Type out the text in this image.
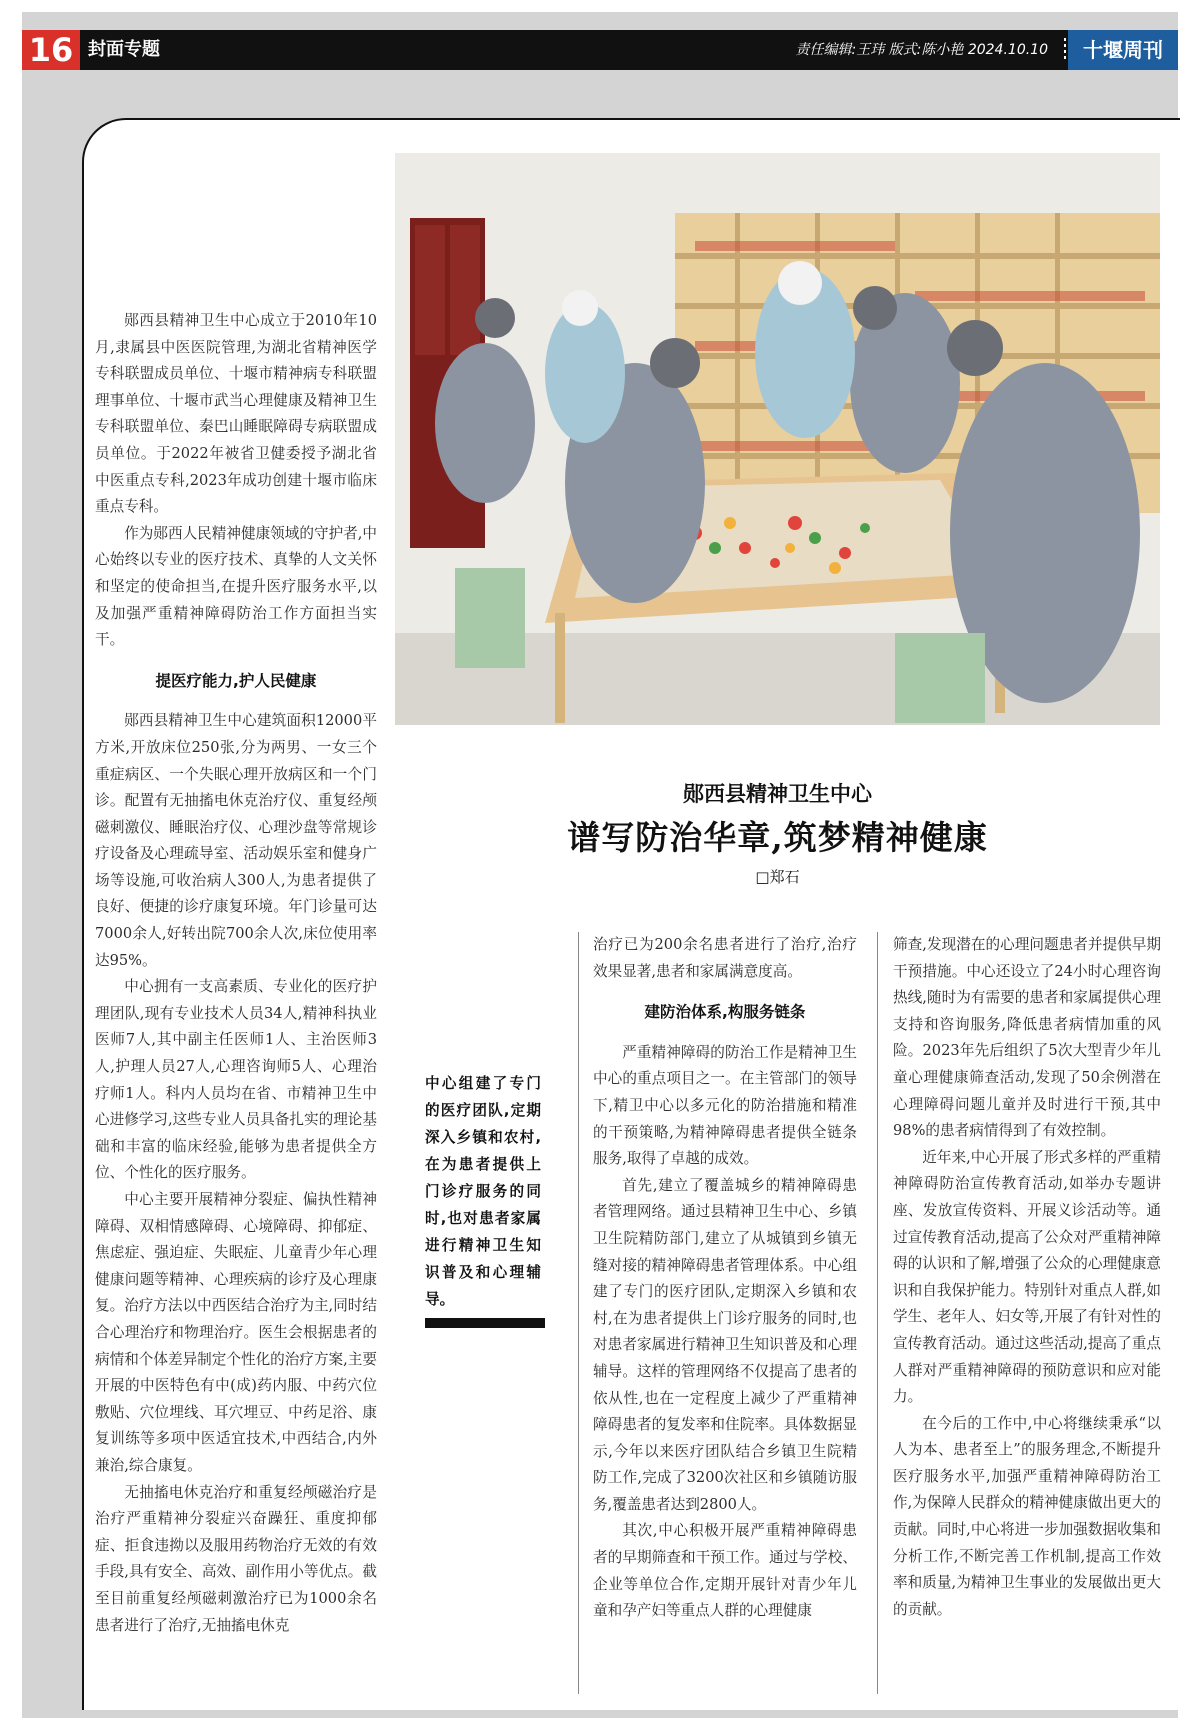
16 封面专题	责任编辑:王玮 版式:陈小艳 2024.10.10	十堰周刊

郧西县精神卫生中心成立于2010年10月,隶属县中医医院管理,为湖北省精神医学专科联盟成员单位、十堰市精神病专科联盟理事单位、十堰市武当心理健康及精神卫生专科联盟单位、秦巴山睡眠障碍专病联盟成员单位。于2022年被省卫健委授予湖北省中医重点专科,2023年成功创建十堰市临床重点专科。

作为郧西人民精神健康领域的守护者,中心始终以专业的医疗技术、真挚的人文关怀和坚定的使命担当,在提升医疗服务水平,以及加强严重精神障碍防治工作方面担当实干。

提医疗能力,护人民健康

郧西县精神卫生中心建筑面积12000平方米,开放床位250张,分为两男、一女三个重症病区、一个失眠心理开放病区和一个门诊。配置有无抽搐电休克治疗仪、重复经颅磁刺激仪、睡眠治疗仪、心理沙盘等常规诊疗设备及心理疏导室、活动娱乐室和健身广场等设施,可收治病人300人,为患者提供了良好、便捷的诊疗康复环境。年门诊量可达7000余人,好转出院700余人次,床位使用率达95%。

中心拥有一支高素质、专业化的医疗护理团队,现有专业技术人员34人,精神科执业医师7人,其中副主任医师1人、主治医师3人,护理人员27人,心理咨询师5人、心理治疗师1人。科内人员均在省、市精神卫生中心进修学习,这些专业人员具备扎实的理论基础和丰富的临床经验,能够为患者提供全方位、个性化的医疗服务。

中心主要开展精神分裂症、偏执性精神障碍、双相情感障碍、心境障碍、抑郁症、焦虑症、强迫症、失眠症、儿童青少年心理健康问题等精神、心理疾病的诊疗及心理康复。治疗方法以中西医结合治疗为主,同时结合心理治疗和物理治疗。医生会根据患者的病情和个体差异制定个性化的治疗方案,主要开展的中医特色有中(成)药内服、中药穴位敷贴、穴位埋线、耳穴埋豆、中药足浴、康复训练等多项中医适宜技术,中西结合,内外兼治,综合康复。

无抽搐电休克治疗和重复经颅磁治疗是治疗严重精神分裂症兴奋躁狂、重度抑郁症、拒食违拗以及服用药物治疗无效的有效手段,具有安全、高效、副作用小等优点。截至目前重复经颅磁刺激治疗已为1000余名患者进行了治疗,无抽搐电休克

郧西县精神卫生中心
谱写防治华章,筑梦精神健康
□郑石
中心组建了专门的医疗团队,定期深入乡镇和农村,在为患者提供上门诊疗服务的同时,也对患者家属进行精神卫生知识普及和心理辅导。

治疗已为200余名患者进行了治疗,治疗效果显著,患者和家属满意度高。

建防治体系,构服务链条

严重精神障碍的防治工作是精神卫生中心的重点项目之一。在主管部门的领导下,精卫中心以多元化的防治措施和精准的干预策略,为精神障碍患者提供全链条服务,取得了卓越的成效。

首先,建立了覆盖城乡的精神障碍患者管理网络。通过县精神卫生中心、乡镇卫生院精防部门,建立了从城镇到乡镇无缝对接的精神障碍患者管理体系。中心组建了专门的医疗团队,定期深入乡镇和农村,在为患者提供上门诊疗服务的同时,也对患者家属进行精神卫生知识普及和心理辅导。这样的管理网络不仅提高了患者的依从性,也在一定程度上减少了严重精神障碍患者的复发率和住院率。具体数据显示,今年以来医疗团队结合乡镇卫生院精防工作,完成了3200次社区和乡镇随访服务,覆盖患者达到2800人。

其次,中心积极开展严重精神障碍患者的早期筛查和干预工作。通过与学校、企业等单位合作,定期开展针对青少年儿童和孕产妇等重点人群的心理健康

筛查,发现潜在的心理问题患者并提供早期干预措施。中心还设立了24小时心理咨询热线,随时为有需要的患者和家属提供心理支持和咨询服务,降低患者病情加重的风险。2023年先后组织了5次大型青少年儿童心理健康筛查活动,发现了50余例潜在心理障碍问题儿童并及时进行干预,其中98%的患者病情得到了有效控制。

近年来,中心开展了形式多样的严重精神障碍防治宣传教育活动,如举办专题讲座、发放宣传资料、开展义诊活动等。通过宣传教育活动,提高了公众对严重精神障碍的认识和了解,增强了公众的心理健康意识和自我保护能力。特别针对重点人群,如学生、老年人、妇女等,开展了有针对性的宣传教育活动。通过这些活动,提高了重点人群对严重精神障碍的预防意识和应对能力。

在今后的工作中,中心将继续秉承“以人为本、患者至上”的服务理念,不断提升医疗服务水平,加强严重精神障碍防治工作,为保障人民群众的精神健康做出更大的贡献。同时,中心将进一步加强数据收集和分析工作,不断完善工作机制,提高工作效率和质量,为精神卫生事业的发展做出更大的贡献。
